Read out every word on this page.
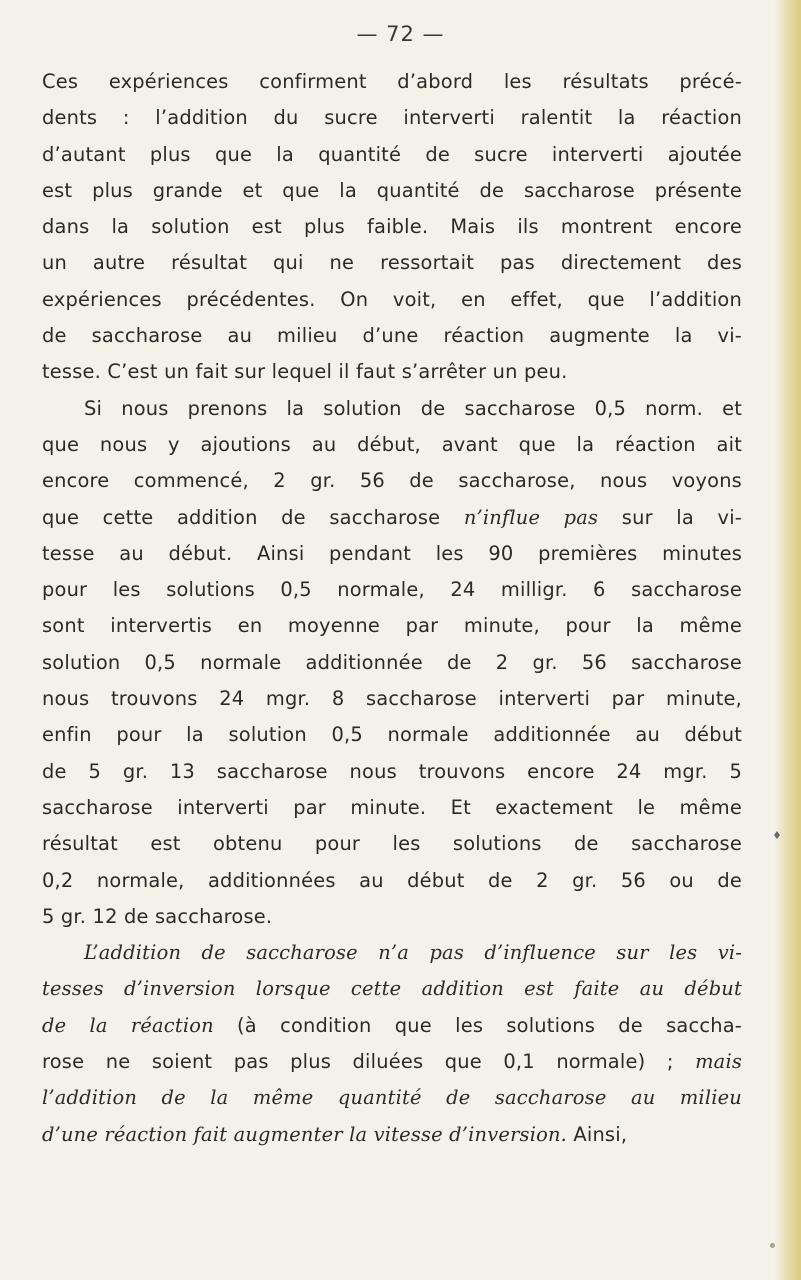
— 72 —
Ces expériences confirment d’abord les résultats précé-
dents : l’addition du sucre interverti ralentit la réaction
d’autant plus que la quantité de sucre interverti ajoutée
est plus grande et que la quantité de saccharose présente
dans la solution est plus faible. Mais ils montrent encore
un autre résultat qui ne ressortait pas directement des
expériences précédentes. On voit, en effet, que l’addition
de saccharose au milieu d’une réaction augmente la vi-
tesse. C’est un fait sur lequel il faut s’arrêter un peu.
Si nous prenons la solution de saccharose 0,5 norm. et
que nous y ajoutions au début, avant que la réaction ait
encore commencé, 2 gr. 56 de saccharose, nous voyons
que cette addition de saccharose n’influe pas sur la vi-
tesse au début. Ainsi pendant les 90 premières minutes
pour les solutions 0,5 normale, 24 milligr. 6 saccharose
sont intervertis en moyenne par minute, pour la même
solution 0,5 normale additionnée de 2 gr. 56 saccharose
nous trouvons 24 mgr. 8 saccharose interverti par minute,
enfin pour la solution 0,5 normale additionnée au début
de 5 gr. 13 saccharose nous trouvons encore 24 mgr. 5
saccharose interverti par minute. Et exactement le même
résultat est obtenu pour les solutions de saccharose
0,2 normale, additionnées au début de 2 gr. 56 ou de
5 gr. 12 de saccharose.
L’addition de saccharose n’a pas d’influence sur les vi-
tesses d’inversion lorsque cette addition est faite au début
de la réaction (à condition que les solutions de saccha-
rose ne soient pas plus diluées que 0,1 normale) ; mais
l’addition de la même quantité de saccharose au milieu
d’une réaction fait augmenter la vitesse d’inversion. Ainsi,
